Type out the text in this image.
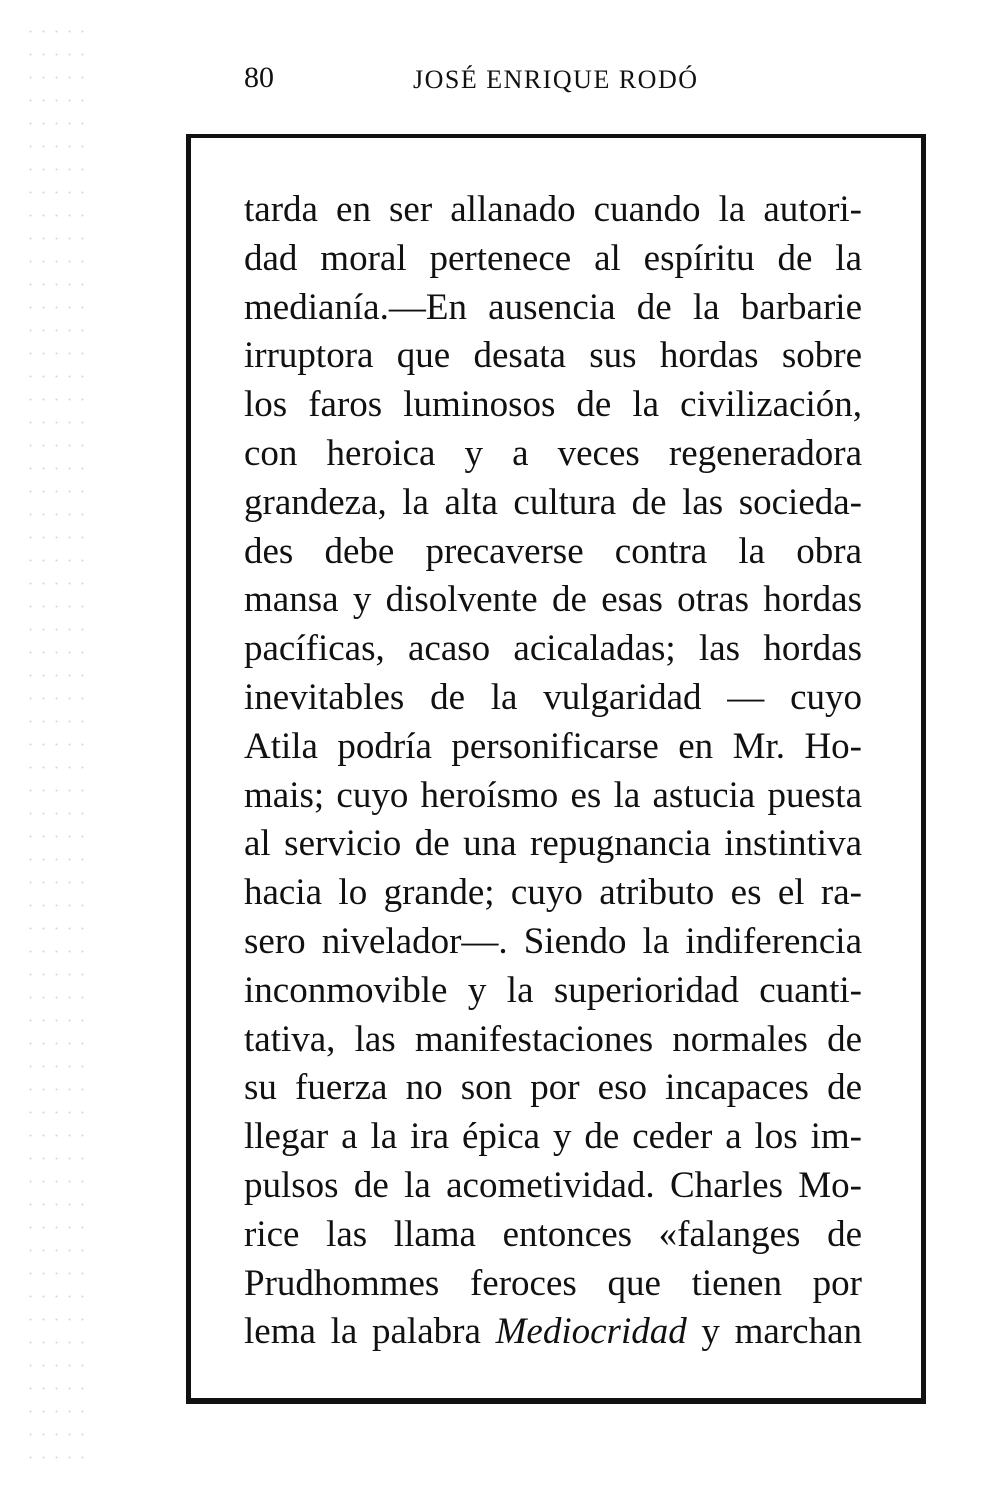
80	JOSÉ ENRIQUE RODÓ
tarda en ser allanado cuando la autori-
dad moral pertenece al espíritu de la
medianía.—En ausencia de la barbarie
irruptora que desata sus hordas sobre
los faros luminosos de la civilización,
con heroica y a veces regeneradora
grandeza, la alta cultura de las socieda-
des debe precaverse contra la obra
mansa y disolvente de esas otras hordas
pacíficas, acaso acicaladas; las hordas
inevitables de la vulgaridad — cuyo
Atila podría personificarse en Mr. Ho-
mais; cuyo heroísmo es la astucia puesta
al servicio de una repugnancia instintiva
hacia lo grande; cuyo atributo es el ra-
sero nivelador—. Siendo la indiferencia
inconmovible y la superioridad cuanti-
tativa, las manifestaciones normales de
su fuerza no son por eso incapaces de
llegar a la ira épica y de ceder a los im-
pulsos de la acometividad. Charles Mo-
rice las llama entonces «falanges de
Prudhommes feroces que tienen por
lema la palabra Mediocridad y marchan
